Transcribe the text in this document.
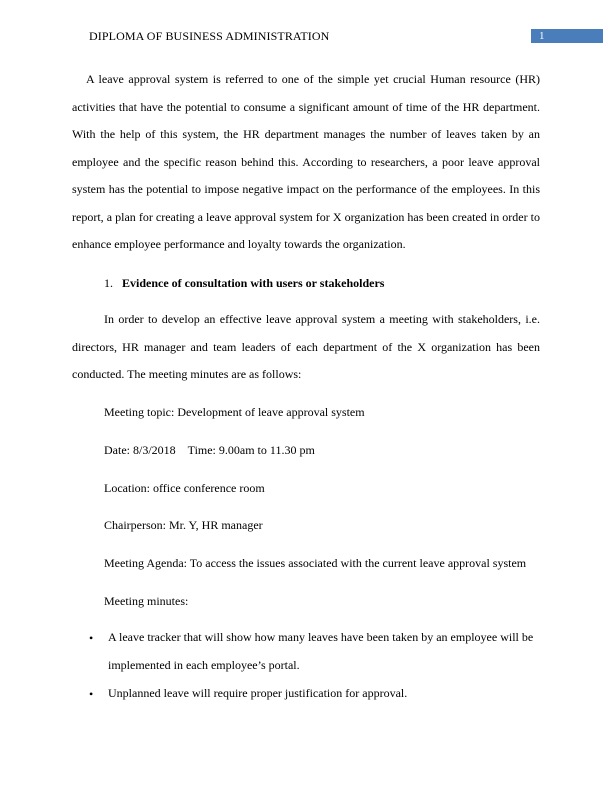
DIPLOMA OF BUSINESS ADMINISTRATION	1

A leave approval system is referred to one of the simple yet crucial Human resource (HR) activities that have the potential to consume a significant amount of time of the HR department. With the help of this system, the HR department manages the number of leaves taken by an employee and the specific reason behind this. According to researchers, a poor leave approval system has the potential to impose negative impact on the performance of the employees. In this report, a plan for creating a leave approval system for X organization has been created in order to enhance employee performance and loyalty towards the organization.

1. Evidence of consultation with users or stakeholders

In order to develop an effective leave approval system a meeting with stakeholders, i.e. directors, HR manager and team leaders of each department of the X organization has been conducted. The meeting minutes are as follows:

Meeting topic: Development of leave approval system
Date: 8/3/2018 Time: 9.00am to 11.30 pm
Location: office conference room
Chairperson: Mr. Y, HR manager
Meeting Agenda: To access the issues associated with the current leave approval system
Meeting minutes:
• A leave tracker that will show how many leaves have been taken by an employee will be implemented in each employee’s portal.

• Unplanned leave will require proper justification for approval.
